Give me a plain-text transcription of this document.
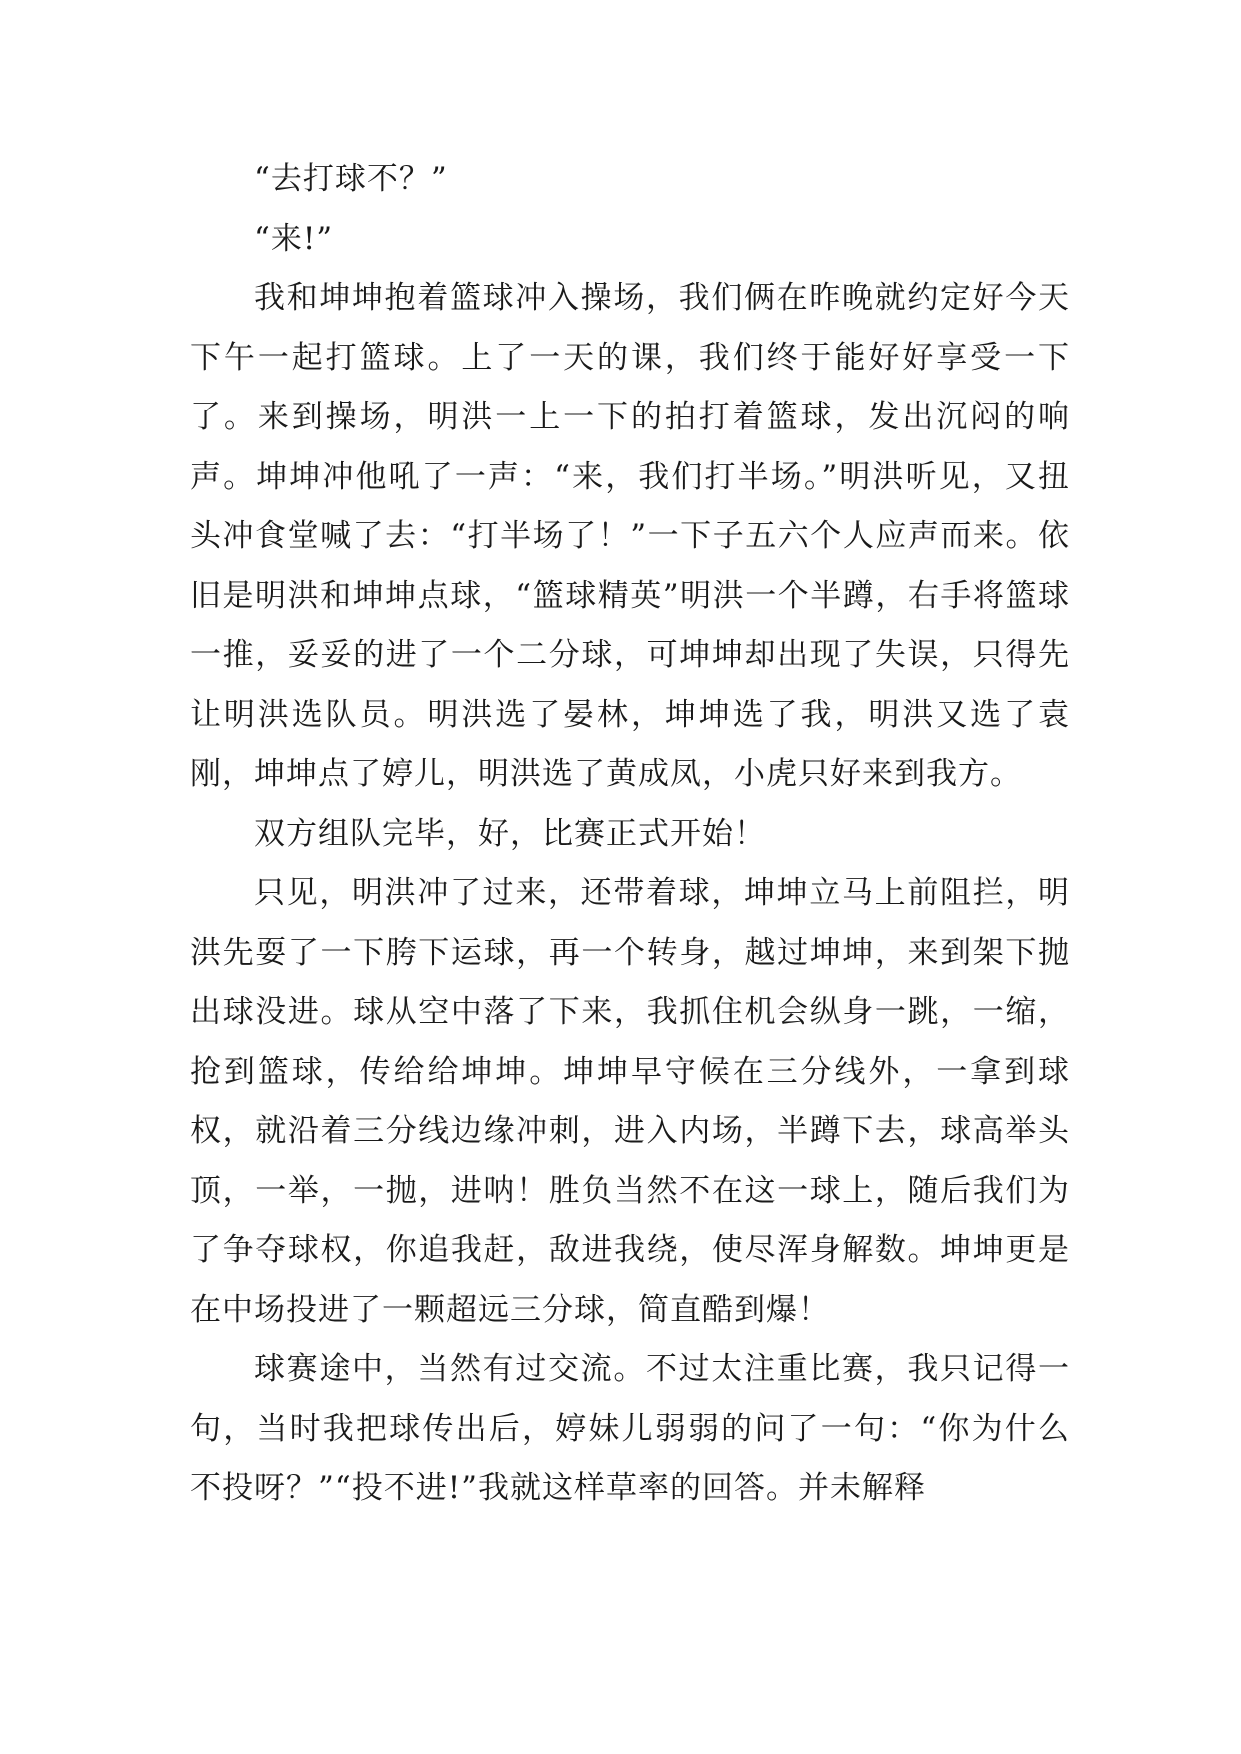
“去打球不？”

“来!”

我和坤坤抱着篮球冲入操场，我们俩在昨晚就约定好今天下午一起打篮球。上了一天的课，我们终于能好好享受一下了。来到操场，明洪一上一下的拍打着篮球，发出沉闷的响声。坤坤冲他吼了一声：“来，我们打半场。”明洪听见，又扭头冲食堂喊了去：“打半场了！”一下子五六个人应声而来。依旧是明洪和坤坤点球，“篮球精英”明洪一个半蹲，右手将篮球一推，妥妥的进了一个二分球，可坤坤却出现了失误，只得先让明洪选队员。明洪选了晏林，坤坤选了我，明洪又选了袁刚，坤坤点了婷儿，明洪选了黄成凤，小虎只好来到我方。

双方组队完毕，好，比赛正式开始！

只见，明洪冲了过来，还带着球，坤坤立马上前阻拦，明洪先耍了一下胯下运球，再一个转身，越过坤坤，来到架下抛出球没进。球从空中落了下来，我抓住机会纵身一跳，一缩，抢到篮球，传给给坤坤。坤坤早守候在三分线外，一拿到球权，就沿着三分线边缘冲刺，进入内场，半蹲下去，球高举头顶，一举，一抛，进呐！胜负当然不在这一球上，随后我们为了争夺球权，你追我赶，敌进我绕，使尽浑身解数。坤坤更是在中场投进了一颗超远三分球，简直酷到爆！

球赛途中，当然有过交流。不过太注重比赛，我只记得一句，当时我把球传出后，婷妹儿弱弱的问了一句：“你为什么不投呀？”“投不进!”我就这样草率的回答。并未解释
